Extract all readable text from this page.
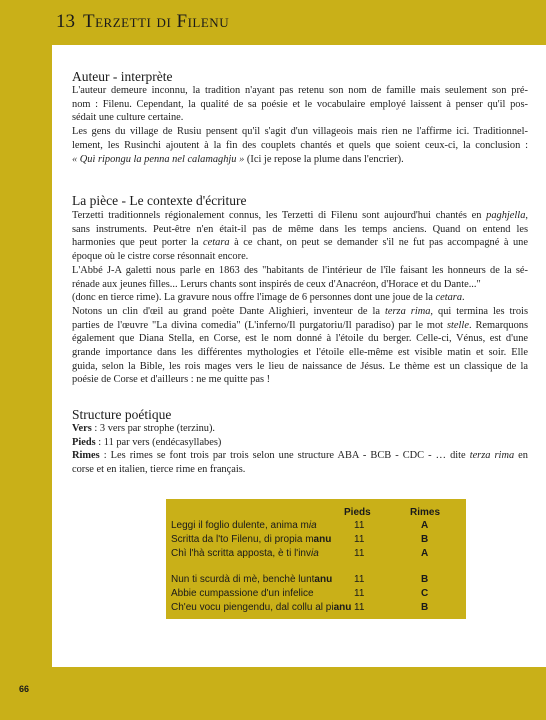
13 Terzetti di Filenu
Auteur - interprète
L'auteur demeure inconnu, la tradition n'ayant pas retenu son nom de famille mais seulement son pré-
nom : Filenu. Cependant, la qualité de sa poésie et le vocabulaire employé laissent à penser qu'il pos-
sédait une culture certaine.
Les gens du village de Rusiu pensent qu'il s'agit d'un villageois mais rien ne l'affirme ici. Traditionnel-
lement, les Rusinchi ajoutent à la fin des couplets chantés et quels que soient ceux-ci, la conclusion :
« Quì ripongu la penna nel calamaghju » (Ici je repose la plume dans l'encrier).
La pièce - Le contexte d'écriture
Terzetti traditionnels régionalement connus, les Terzetti di Filenu sont aujourd'hui chantés en paghjella,
sans instruments. Peut-être n'en était-il pas de même dans les temps anciens. Quand on entend les
harmonies que peut porter la cetara à ce chant, on peut se demander s'il ne fut pas accompagné à une
époque où le cistre corse résonnait encore.
L'Abbé J-A galetti nous parle en 1863 des "habitants de l'intérieur de l'île faisant les honneurs de la sé-
rénade aux jeunes filles... Lerurs chants sont inspirés de ceux d'Anacréon, d'Horace et du Dante..."
(donc en tierce rime). La gravure nous offre l'image de 6 personnes dont une joue de la cetara.
Notons un clin d'œil au grand poète Dante Alighieri, inventeur de la terza rima, qui termina les trois
parties de l'œuvre "La divina comedia" (L'inferno/Il purgatoriu/Il paradiso) par le mot stelle. Remarquons
également que Diana Stella, en Corse, est le nom donné à l'étoile du berger. Celle-ci, Vénus, est d'une
grande importance dans les différentes mythologies et l'étoile elle-même est visible matin et soir. Elle
guida, selon la Bible, les rois mages vers le lieu de naissance de Jésus. Le thème est un classique de la
poésie de Corse et d'ailleurs : ne me quitte pas !
Structure poétique
Vers : 3 vers par strophe (terzinu).
Pieds : 11 par vers (endécasyllabes)
Rimes : Les rimes se font trois par trois selon une structure ABA - BCB - CDC - … dite terza rima en
corse et en italien, tierce rime en français.
Pieds	Rimes
Leggi il foglio dulente, anima mia	11	A
Scritta da l'to Filenu, di propia manu 11	B
Chì l'hà scritta apposta, è ti l'invia	11	A
Nun ti scurdà di mè, benchè luntanu 11	B
Abbie cumpassione d'un infelice	11	C
Ch'eu vocu piengendu, dal collu al pianu 11	B
66
